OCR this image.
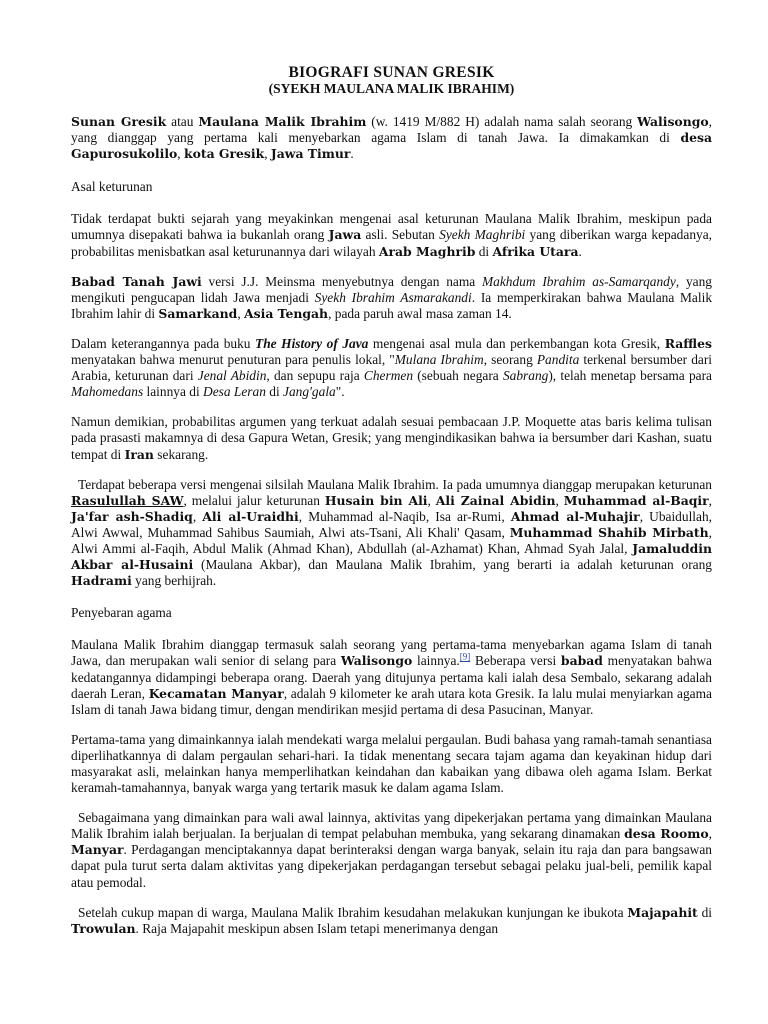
BIOGRAFI SUNAN GRESIK
(SYEKH MAULANA MALIK IBRAHIM)

Sunan Gresik atau Maulana Malik Ibrahim (w. 1419 M/882 H) adalah nama salah seorang Walisongo, yang dianggap yang pertama kali menyebarkan agama Islam di tanah Jawa. Ia dimakamkan di desa Gapurosukolilo, kota Gresik, Jawa Timur.

Asal keturunan

Tidak terdapat bukti sejarah yang meyakinkan mengenai asal keturunan Maulana Malik Ibrahim, meskipun pada umumnya disepakati bahwa ia bukanlah orang Jawa asli. Sebutan Syekh Maghribi yang diberikan warga kepadanya, probabilitas menisbatkan asal keturunannya dari wilayah Arab Maghrib di Afrika Utara.

Babad Tanah Jawi versi J.J. Meinsma menyebutnya dengan nama Makhdum Ibrahim as-Samarqandy, yang mengikuti pengucapan lidah Jawa menjadi Syekh Ibrahim Asmarakandi. Ia memperkirakan bahwa Maulana Malik Ibrahim lahir di Samarkand, Asia Tengah, pada paruh awal masa zaman 14.

Dalam keterangannya pada buku The History of Java mengenai asal mula dan perkembangan kota Gresik, Raffles menyatakan bahwa menurut penuturan para penulis lokal, "Mulana Ibrahim, seorang Pandita terkenal bersumber dari Arabia, keturunan dari Jenal Abidin, dan sepupu raja Chermen (sebuah negara Sabrang), telah menetap bersama para Mahomedans lainnya di Desa Leran di Jang'gala".

Namun demikian, probabilitas argumen yang terkuat adalah sesuai pembacaan J.P. Moquette atas baris kelima tulisan pada prasasti makamnya di desa Gapura Wetan, Gresik; yang mengindikasikan bahwa ia bersumber dari Kashan, suatu tempat di Iran sekarang.

Terdapat beberapa versi mengenai silsilah Maulana Malik Ibrahim. Ia pada umumnya dianggap merupakan keturunan Rasulullah SAW, melalui jalur keturunan Husain bin Ali, Ali Zainal Abidin, Muhammad al-Baqir, Ja'far ash-Shadiq, Ali al-Uraidhi, Muhammad al-Naqib, Isa ar-Rumi, Ahmad al-Muhajir, Ubaidullah, Alwi Awwal, Muhammad Sahibus Saumiah, Alwi ats-Tsani, Ali Khali' Qasam, Muhammad Shahib Mirbath, Alwi Ammi al-Faqih, Abdul Malik (Ahmad Khan), Abdullah (al-Azhamat) Khan, Ahmad Syah Jalal, Jamaluddin Akbar al-Husaini (Maulana Akbar), dan Maulana Malik Ibrahim, yang berarti ia adalah keturunan orang Hadrami yang berhijrah.

Penyebaran agama

Maulana Malik Ibrahim dianggap termasuk salah seorang yang pertama-tama menyebarkan agama Islam di tanah Jawa, dan merupakan wali senior di selang para Walisongo lainnya.[9] Beberapa versi babad menyatakan bahwa kedatangannya didampingi beberapa orang. Daerah yang ditujunya pertama kali ialah desa Sembalo, sekarang adalah daerah Leran, Kecamatan Manyar, adalah 9 kilometer ke arah utara kota Gresik. Ia lalu mulai menyiarkan agama Islam di tanah Jawa bidang timur, dengan mendirikan mesjid pertama di desa Pasucinan, Manyar.

Pertama-tama yang dimainkannya ialah mendekati warga melalui pergaulan. Budi bahasa yang ramah-tamah senantiasa diperlihatkannya di dalam pergaulan sehari-hari. Ia tidak menentang secara tajam agama dan keyakinan hidup dari masyarakat asli, melainkan hanya memperlihatkan keindahan dan kabaikan yang dibawa oleh agama Islam. Berkat keramah-tamahannya, banyak warga yang tertarik masuk ke dalam agama Islam.

Sebagaimana yang dimainkan para wali awal lainnya, aktivitas yang dipekerjakan pertama yang dimainkan Maulana Malik Ibrahim ialah berjualan. Ia berjualan di tempat pelabuhan membuka, yang sekarang dinamakan desa Roomo, Manyar. Perdagangan menciptakannya dapat berinteraksi dengan warga banyak, selain itu raja dan para bangsawan dapat pula turut serta dalam aktivitas yang dipekerjakan perdagangan tersebut sebagai pelaku jual-beli, pemilik kapal atau pemodal.

Setelah cukup mapan di warga, Maulana Malik Ibrahim kesudahan melakukan kunjungan ke ibukota Majapahit di Trowulan. Raja Majapahit meskipun absen Islam tetapi menerimanya dengan
